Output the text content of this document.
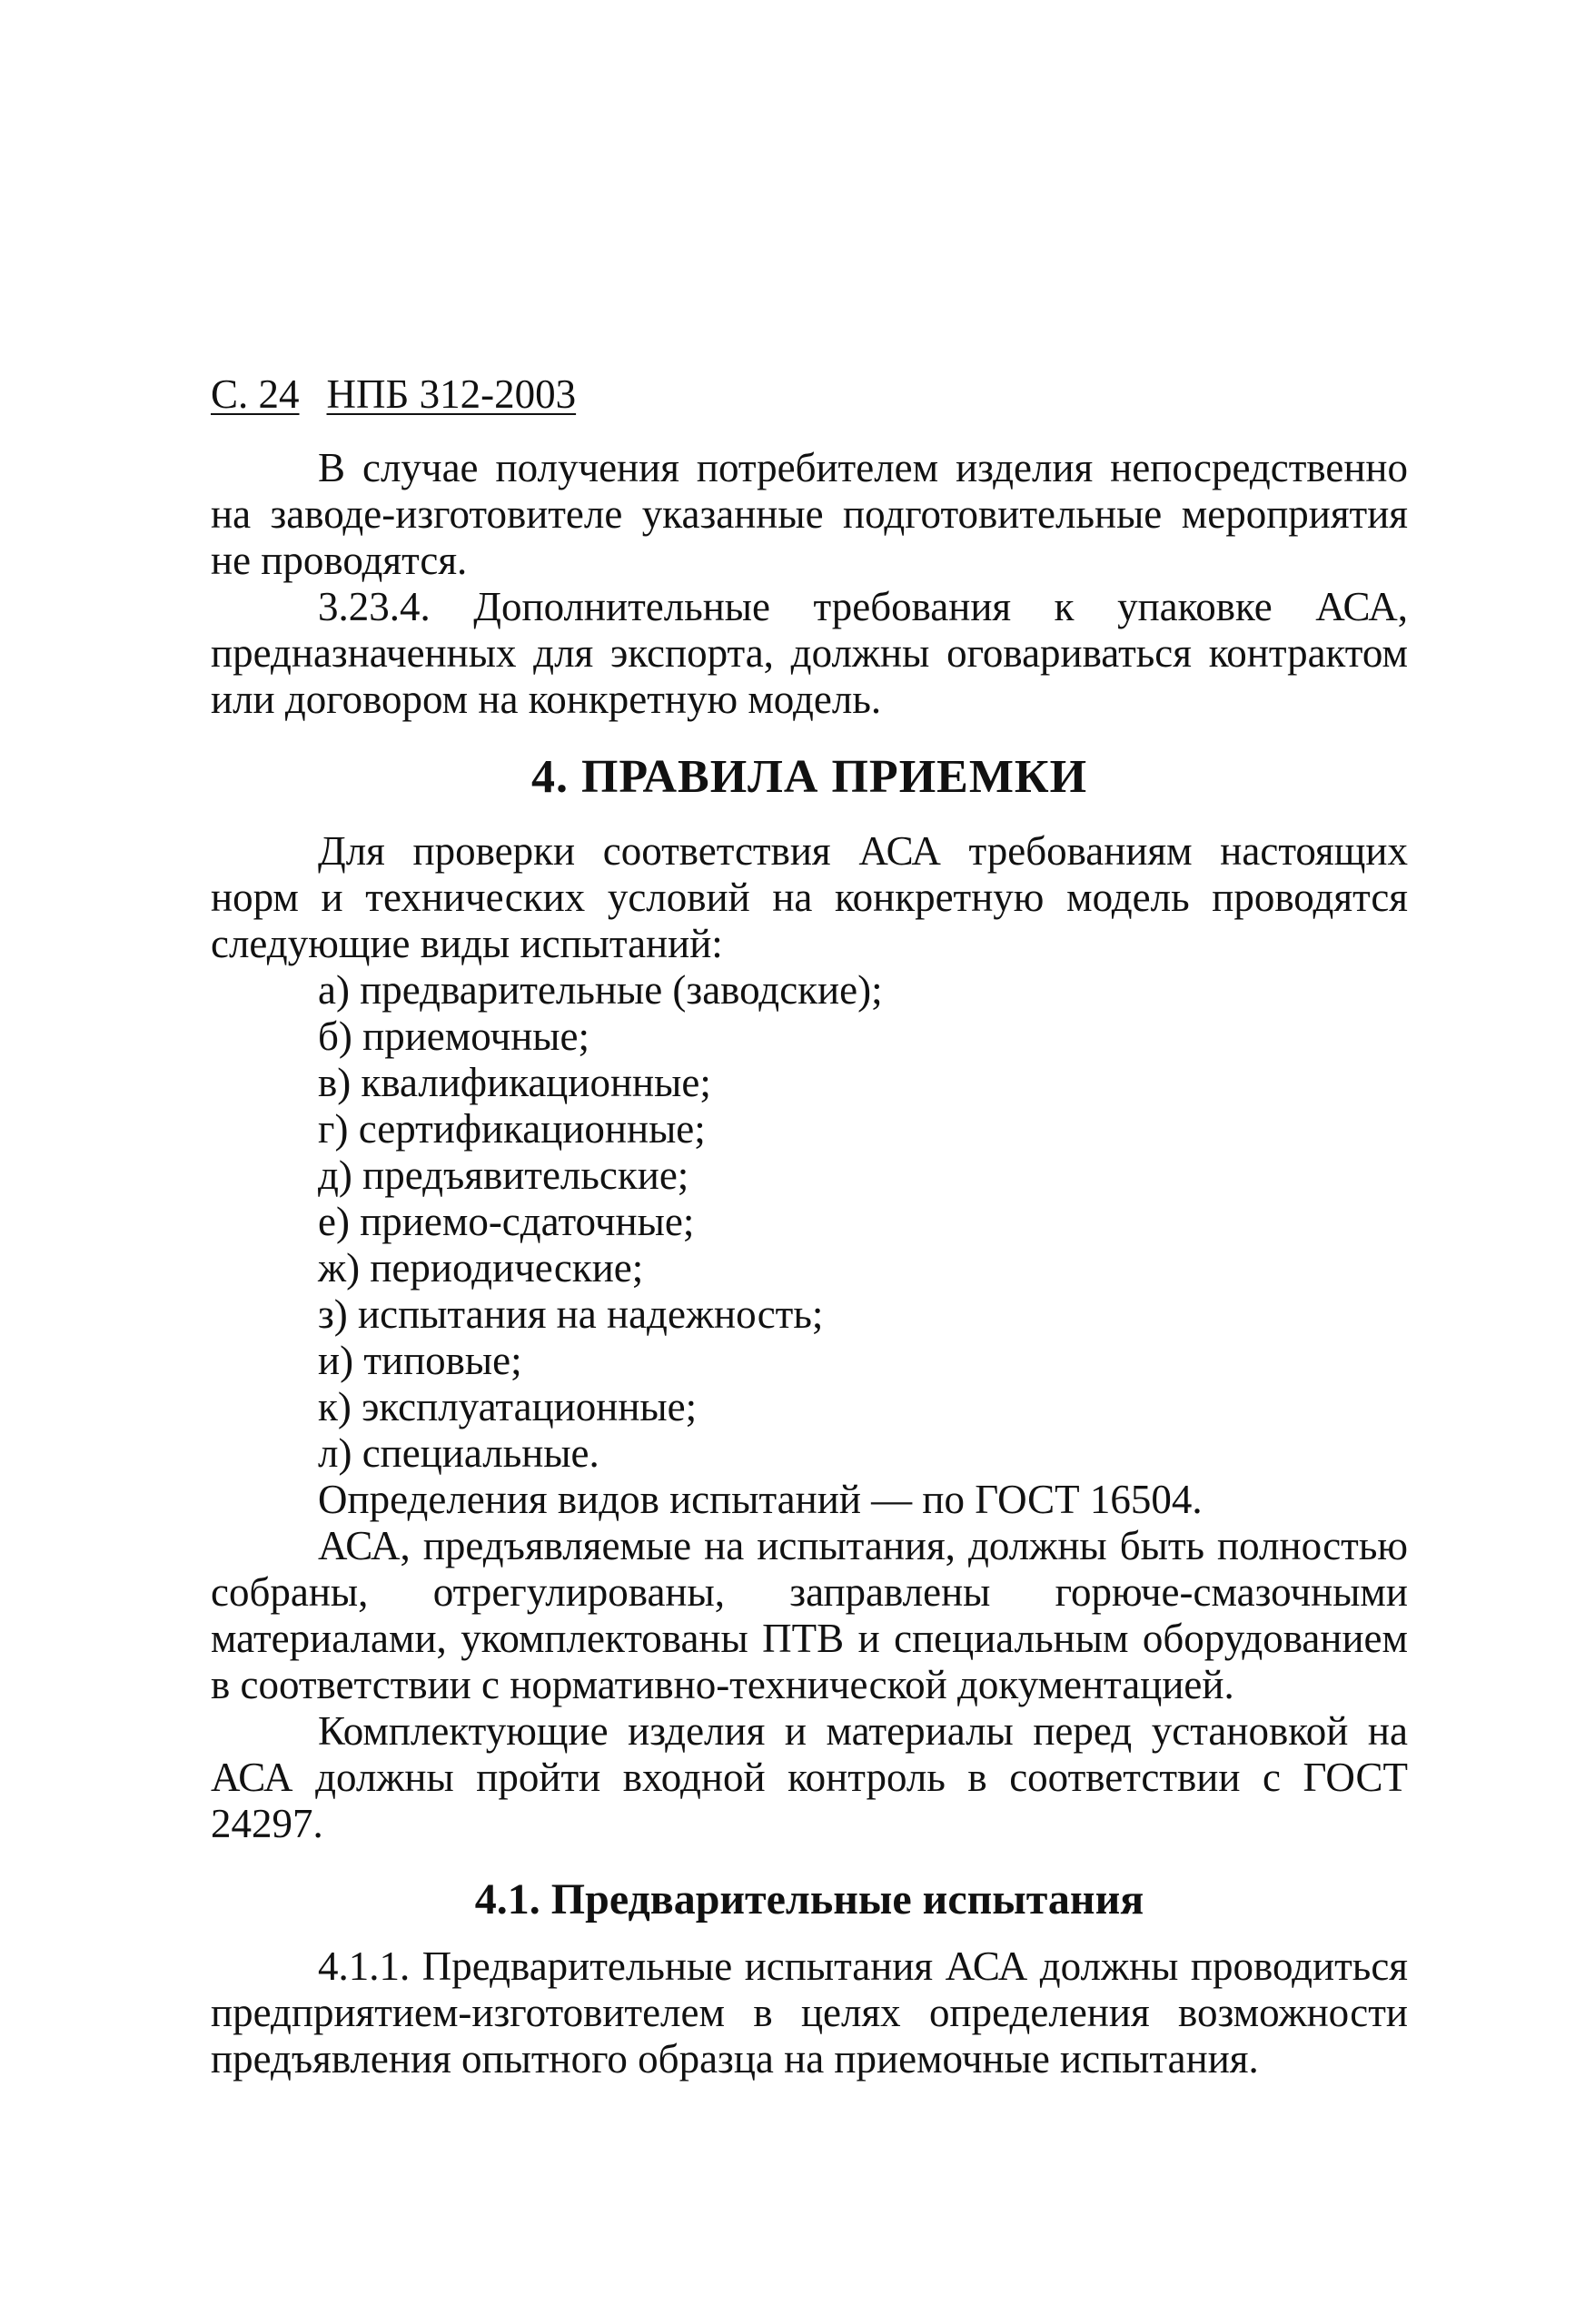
С. 24 НПБ 312-2003

В случае получения потребителем изделия непосредственно на заводе-изготовителе указанные подготовительные мероприятия не проводятся.

3.23.4. Дополнительные требования к упаковке АСА, предназначенных для экспорта, должны оговариваться контрактом или договором на конкретную модель.

4. ПРАВИЛА ПРИЕМКИ

Для проверки соответствия АСА требованиям настоящих норм и технических условий на конкретную модель проводятся следующие виды испытаний:

а) предварительные (заводские);
б) приемочные;
в) квалификационные;
г) сертификационные;
д) предъявительские;
е) приемо-сдаточные;
ж) периодические;
з) испытания на надежность;
и) типовые;
к) эксплуатационные;
л) специальные.

Определения видов испытаний — по ГОСТ 16504.

АСА, предъявляемые на испытания, должны быть полностью собраны, отрегулированы, заправлены горюче-смазочными материалами, укомплектованы ПТВ и специальным оборудованием в соответствии с нормативно-технической документацией.

Комплектующие изделия и материалы перед установкой на АСА должны пройти входной контроль в соответствии с ГОСТ 24297.

4.1. Предварительные испытания

4.1.1. Предварительные испытания АСА должны проводиться предприятием-изготовителем в целях определения возможности предъявления опытного образца на приемочные испытания.
